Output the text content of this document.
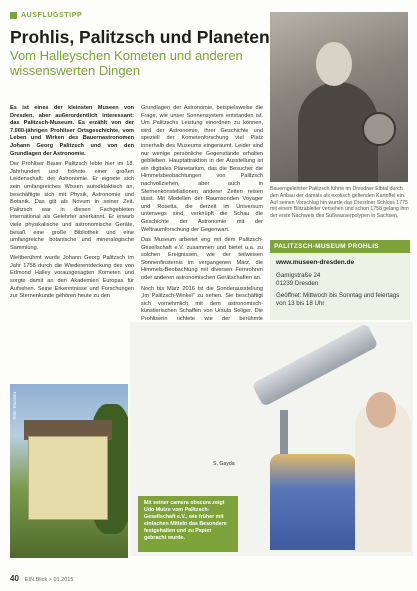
AUSFLUGSTIPP
Prohlis, Palitzsch und Planeten
Vom Halleyschen Kometen und anderen wissenswerten Dingen

Es ist eines der kleinsten Museen von Dresden, aber außerordentlich interessant: das Palitzsch-Museum. Es erzählt von der 7.000-jährigen Prohliser Ortsgeschichte, vom Leben und Wirken des Bauernastronomen Johann Georg Palitzsch und von den Grundlagen der Astronomie.

Der Prohliser Bauer Palitzsch lebte hier im 18. Jahrhundert und fröhnte einer großen Leidenschaft: der Astronomie. Er eignete sich sein umfangreiches Wissen autodidaktisch an, beschäftigte sich mit Physik, Astronomie und Botanik. Das gilt als Novum in seiner Zeit. Palitzsch war in diesen Fachgebieten international als Gelehrter anerkannt. Er erwarb viele physikalische und astronomische Geräte, besaß eine große Bibliothek und eine umfangreiche botanische und mineralogische Sammlung.

Weltberühmt wurde Johann Georg Palitzsch im Jahr 1758 durch die Wiederentdeckung des von Edmond Halley vorausgesagten Kometen und sorgte damit an den Akademien Europas für Aufsehen. Seine Erkenntnisse und Forschungen zur Sternenkunde gehören heute zu den

Grundlagen der Astronomie, beispielsweise die Frage, wie unser Sonnensystem entstanden ist. Um Palitzschs Leistung einordnen zu können, wird der Astronomie, ihrer Geschichte und speziell der Kometenforschung viel Platz innerhalb des Museums eingeräumt. Leider sind nur wenige persönliche Gegenstände erhalten geblieben. Hauptattraktion in der Ausstellung ist ein digitales Planetarium, das die Besucher die Himmelsbeobachtungen von Palitzsch nachvollziehen, aber auch in Sternenkonstellationen anderer Zeiten reisen lässt. Mit Modellen der Raumsonden Voyager und Rosetta, die derzeit im Universum unterwegs sind, verknüpft die Schau die Geschichte der Astronomie mit der Weltraumforschung der Gegenwart.

Das Museum arbeitet eng mit dem Palitzsch-Gesellschaft e.V. zusammen und bietet u.a. zu solchen Ereignissen, wie der teilweisen Sonnenfinsternis im vergangenen März, die Himmels-Beobachtung mit diversen Fernrohren oder anderen astronomischen Gerätschaften an.

Noch bis März 2016 ist die Sonderausstellung „Im Palitzsch-Winkel“ zu sehen. Sie beschäftigt sich vornehmlich mit dem astronomisch-künstlerischen Schaffen von Ursula Seliger. Die Prohliserin richtete wie der berühmte

Bauerngelehrter Palitzsch führte im Dresdner Elbtal durch den Anbau der damals als exotisch geltenden Kartoffel ein. Auf seinen Vorschlag hin wurde das Dresdner Schloss 1775 mit einem Blitzableiter versehen und schon 1758 gelang ihm der erste Nachweis des Süßwasserpolypen in Sachsen.
PALITZSCH-MUSEUM PROHLIS
www.museen-dresden.de
Gamigstraße 24
01239 Dresden
Geöffnet: Mittwoch bis Sonntag und feiertags von 13 bis 18 Uhr
Foto: Museen
S. Gayda
Mit seiner camera obscura zeigt Udo Mutze vom Palitzsch-Gesellschaft e.V., wie früher mit einfachen Mitteln das Besondere festgehalten und zu Papier gebracht wurde.
40 EIN.Blick > 01.2015
